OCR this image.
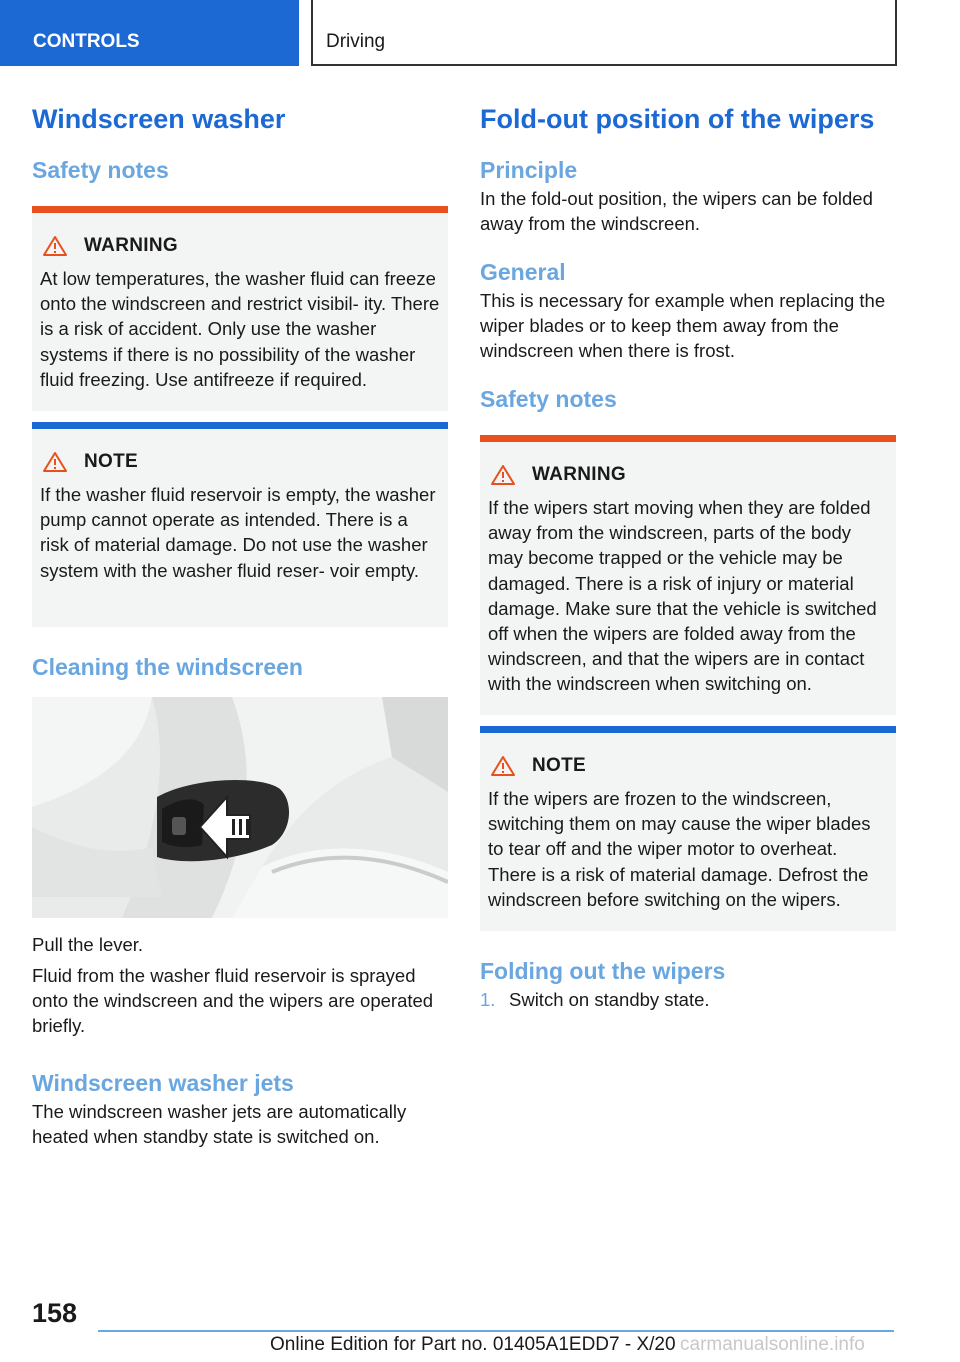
CONTROLS	Driving
Windscreen washer
Safety notes
WARNING

At low temperatures, the washer fluid can freeze onto the windscreen and restrict visibil‐ ity. There is a risk of accident. Only use the washer systems if there is no possibility of the washer fluid freezing. Use antifreeze if required.

NOTE

If the washer fluid reservoir is empty, the washer pump cannot operate as intended. There is a risk of material damage. Do not use the washer system with the washer fluid reser‐ voir empty.

Cleaning the windscreen

Pull the lever.

Fluid from the washer fluid reservoir is sprayed onto the windscreen and the wipers are operated briefly.

Windscreen washer jets

The windscreen washer jets are automatically heated when standby state is switched on.

Fold-out position of the wipers
Principle

In the fold-out position, the wipers can be folded away from the windscreen.

General

This is necessary for example when replacing the wiper blades or to keep them away from the windscreen when there is frost.

Safety notes
WARNING

If the wipers start moving when they are folded away from the windscreen, parts of the body may become trapped or the vehicle may be damaged. There is a risk of injury or material damage. Make sure that the vehicle is switched off when the wipers are folded away from the windscreen, and that the wipers are in contact with the windscreen when switching on.

NOTE

If the wipers are frozen to the windscreen, switching them on may cause the wiper blades to tear off and the wiper motor to overheat. There is a risk of material damage. Defrost the windscreen before switching on the wipers.

Folding out the wipers
1. Switch on standby state.
158
Online Edition for Part no. 01405A1EDD7 - X/20 carmanualsonline.info
